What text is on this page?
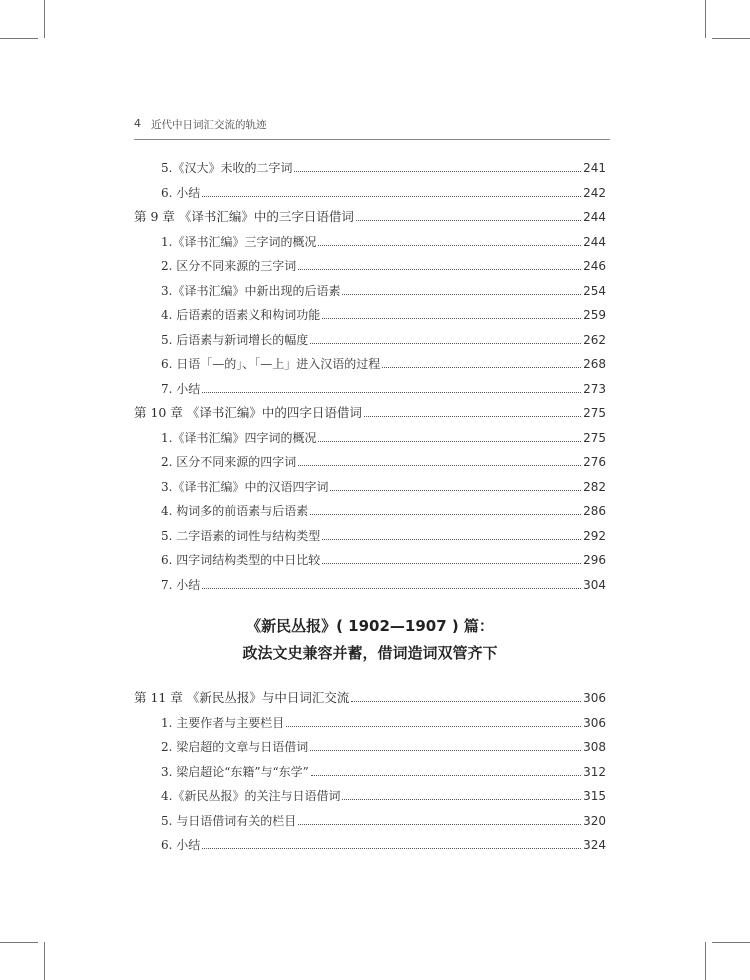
4 近代中日词汇交流的轨迹
5.《汉大》未收的二字词	241
6. 小结	242
第 9 章 《译书汇编》中的三字日语借词	244
1.《译书汇编》三字词的概况	244
2. 区分不同来源的三字词	246
3.《译书汇编》中新出现的后语素	254
4. 后语素的语素义和构词功能	259
5. 后语素与新词增长的幅度	262
6. 日语「—的」、「—上」进入汉语的过程	268
7. 小结	273
第 10 章 《译书汇编》中的四字日语借词	275
1.《译书汇编》四字词的概况	275
2. 区分不同来源的四字词	276
3.《译书汇编》中的汉语四字词	282
4. 构词多的前语素与后语素	286
5. 二字语素的词性与结构类型	292
6. 四字词结构类型的中日比较	296
7. 小结	304
《新民丛报》( 1902—1907 ) 篇：
政法文史兼容并蓄，借词造词双管齐下
第 11 章 《新民丛报》与中日词汇交流	306
1. 主要作者与主要栏目	306
2. 梁启超的文章与日语借词	308
3. 梁启超论“东籍”与“东学”	312
4.《新民丛报》的关注与日语借词	315
5. 与日语借词有关的栏目	320
6. 小结	324
